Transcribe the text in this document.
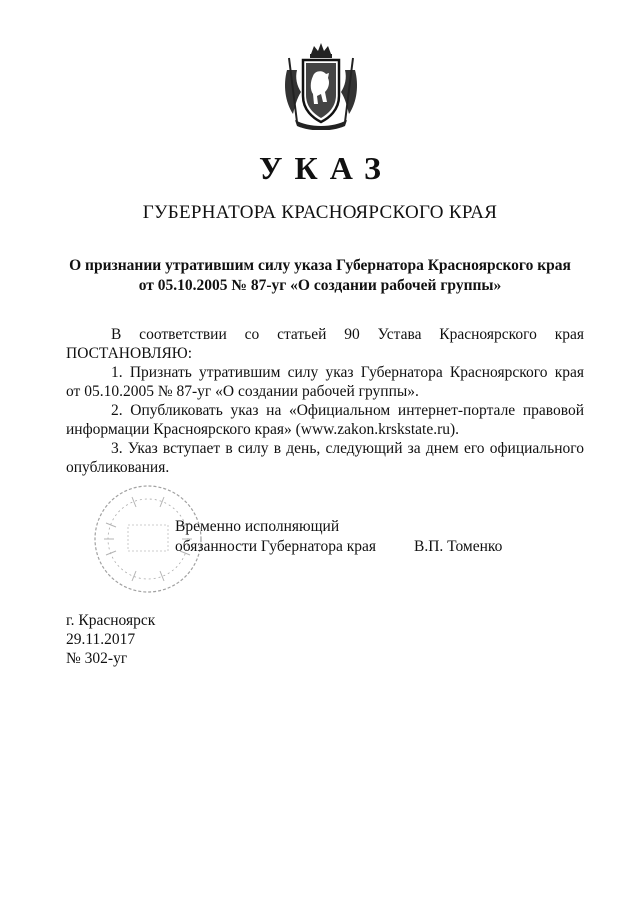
УКАЗ
ГУБЕРНАТОРА КРАСНОЯРСКОГО КРАЯ
О признании утратившим силу указа Губернатора Красноярского края
от 05.10.2005 № 87-уг «О создании рабочей группы»

В соответствии со статьей 90 Устава Красноярского края

ПОСТАНОВЛЯЮ:

1. Признать утратившим силу указ Губернатора Красноярского края

от 05.10.2005 № 87-уг «О создании рабочей группы».

2. Опубликовать указ на «Официальном интернет-портале правовой

информации Красноярского края» (www.zakon.krskstate.ru).

3. Указ вступает в силу в день, следующий за днем его официального

опубликования.

Временно исполняющий
обязанности Губернатора края В.П. Томенко
г. Красноярск
29.11.2017
№ 302-уг
